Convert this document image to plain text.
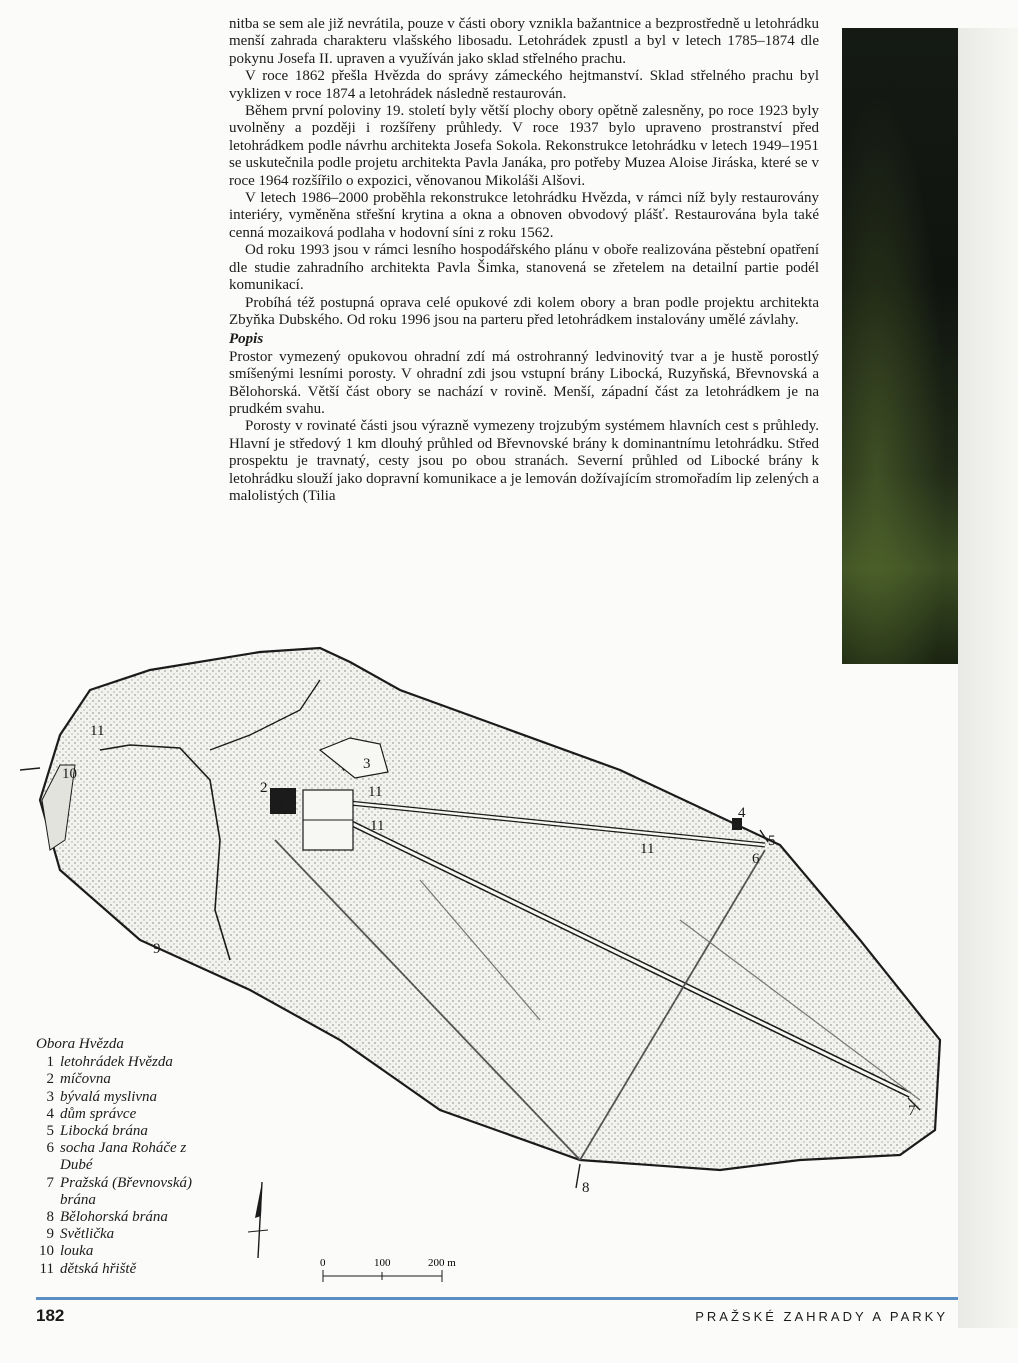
nitba se sem ale již nevrátila, pouze v části obory vznikla bažantnice a bezprostředně u letohrádku menší zahrada charakteru vlašského libosadu. Letohrádek zpustl a byl v letech 1785–1874 dle pokynu Josefa II. upraven a využíván jako sklad střelného prachu.

V roce 1862 přešla Hvězda do správy zámeckého hejtmanství. Sklad střelného prachu byl vyklizen v roce 1874 a letohrádek následně restaurován.

Během první poloviny 19. století byly větší plochy obory opětně zalesněny, po roce 1923 byly uvolněny a později i rozšířeny průhledy. V roce 1937 bylo upraveno prostranství před letohrádkem podle návrhu architekta Josefa Sokola. Rekonstrukce letohrádku v letech 1949–1951 se uskutečnila podle projetu architekta Pavla Janáka, pro potřeby Muzea Aloise Jiráska, které se v roce 1964 rozšířilo o expozici, věnovanou Mikoláši Alšovi.

V letech 1986–2000 proběhla rekonstrukce letohrádku Hvězda, v rámci níž byly restaurovány interiéry, vyměněna střešní krytina a okna a obnoven obvodový plášť. Restaurována byla také cenná mozaiková podlaha v hodovní síni z roku 1562.

Od roku 1993 jsou v rámci lesního hospodářského plánu v oboře realizována pěstební opatření dle studie zahradního architekta Pavla Šimka, stanovená se zřetelem na detailní partie podél komunikací.

Probíhá též postupná oprava celé opukové zdi kolem obory a bran podle projektu architekta Zbyňka Dubského. Od roku 1996 jsou na parteru před letohrádkem instalovány umělé závlahy.

Popis

Prostor vymezený opukovou ohradní zdí má ostrohranný ledvinovitý tvar a je hustě porostlý smíšenými lesními porosty. V ohradní zdi jsou vstupní brány Libocká, Ruzyňská, Břevnovská a Bělohorská. Větší část obory se nachází v rovině. Menší, západní část za letohrádkem je na prudkém svahu.

Porosty v rovinaté části jsou výrazně vymezeny trojzubým systémem hlavních cest s průhledy. Hlavní je středový 1 km dlouhý průhled od Břevnovské brány k dominantnímu letohrádku. Střed prospektu je travnatý, cesty jsou po obou stranách. Severní průhled od Libocké brány k letohrádku slouží jako dopravní komunikace a je lemován dožívajícím stromořadím lip zelených a malolistých (Tilia

11
10
1
2
3
11
11
11
4
5
6
7
8
9
Obora Hvězda
1 letohrádek Hvězda
2 míčovna
3 bývalá myslivna
4 dům správce
5 Libocká brána
6 socha Jana Roháče z Dubé
7 Pražská (Břevnovská) brána
8 Bělohorská brána
9 Světlička
10 louka
11 dětská hřiště	0	100	200 m
182	PRAŽSKÉ ZAHRADY A PARKY
